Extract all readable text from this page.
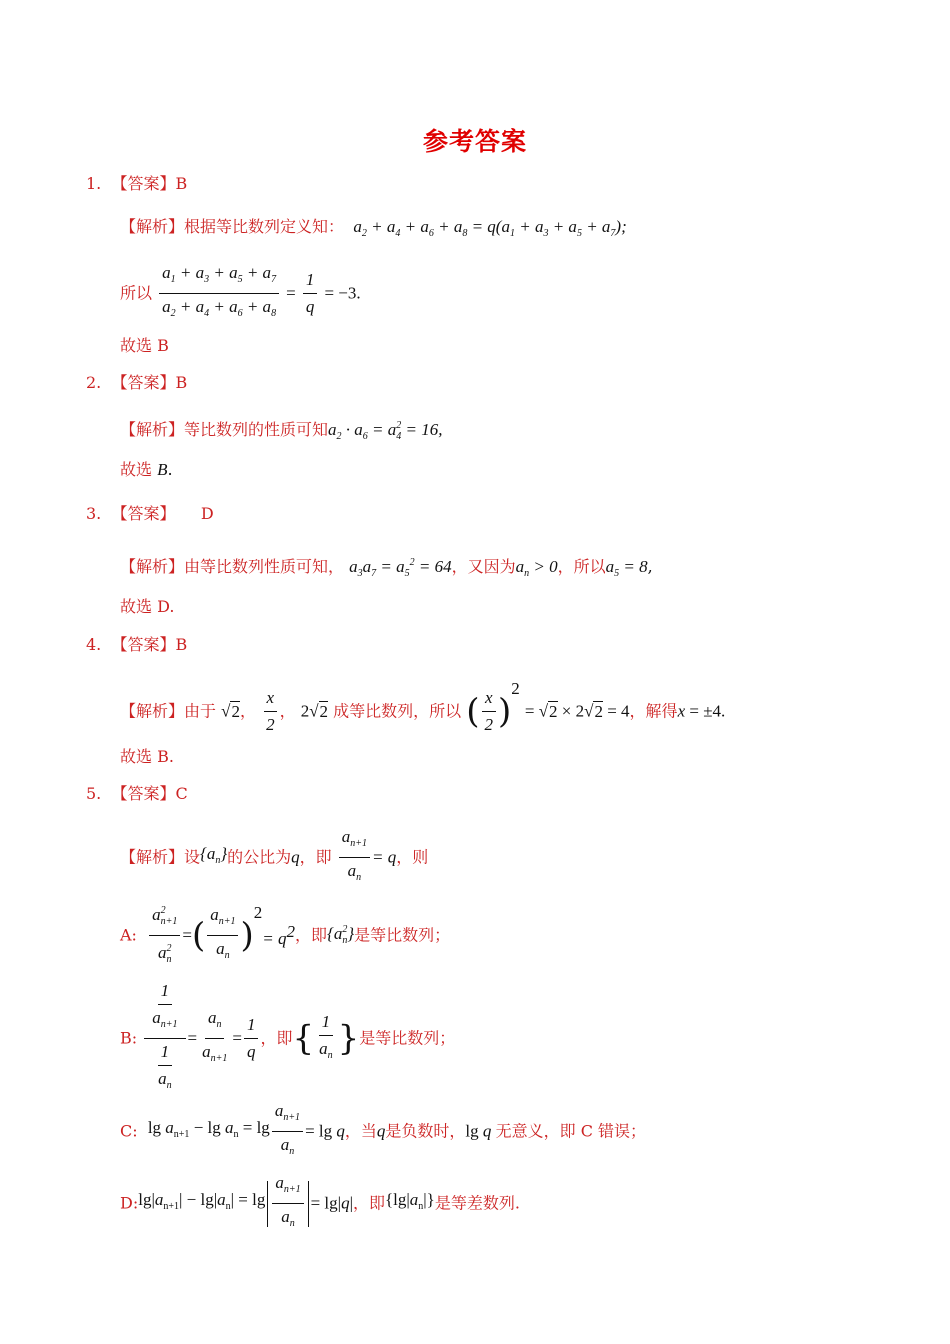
参考答案
1. 【答案】B
【解析】根据等比数列定义知：  $a_2 + a_4 + a_6 + a_8 = q(a_1 + a_3 + a_5 + a_7)$;
所以 $\frac{a_1 + a_3 + a_5 + a_7}{a_2 + a_4 + a_6 + a_8} = \frac{1}{q} = -3$.
故选 B
2. 【答案】B
【解析】等比数列的性质可知$a_2 \cdot a_6 = a_4^2 = 16$,
故选 B.
3. 【答案】 D
【解析】由等比数列性质可知， $a_3a_7 = a_5^2 = 64$，又因为$a_n > 0$，所以$a_5 = 8$,
故选 D.
4. 【答案】B
【解析】由于 √2， $\frac{x}{2}$ ， 2√2 成等比数列，所以 ( $\frac{x}{2} )^2 = √2 \times 2√2 = 4$，解得x = ±4.
故选 B.
5. 【答案】C
【解析】设$\{a_n\}$的公比为q，即 $\frac{a_{n+1}}{a_n} = q$，则
A: $\frac{a^2_{n+1}}{a^2_n}$ =( $\frac{a_{n+1}}{a_n} )^2= q^2$，即$\{a^2_n\}$是等比数列；
B: $\frac{\frac{1}{a_{n+1}}}{\frac{1}{a_n}} = \frac{a_n}{a_{n+1}} = \frac{1}{q}$ ，即{ $\frac{1}{a_n}$ }是等比数列；
C: $\lg a_{n+1} - \lg a_n = \lg \frac{a_{n+1}}{a_n} = \lg q$，当q是负数时，lg q 无意义，即 C 错误；
$D:\lg|a_{n+1}| - \lg|a_n| = \lg \frac{a_{n+1}}{a_n} = \lg|q|$，即$\{\lg|a_n|\}$是等差数列.
